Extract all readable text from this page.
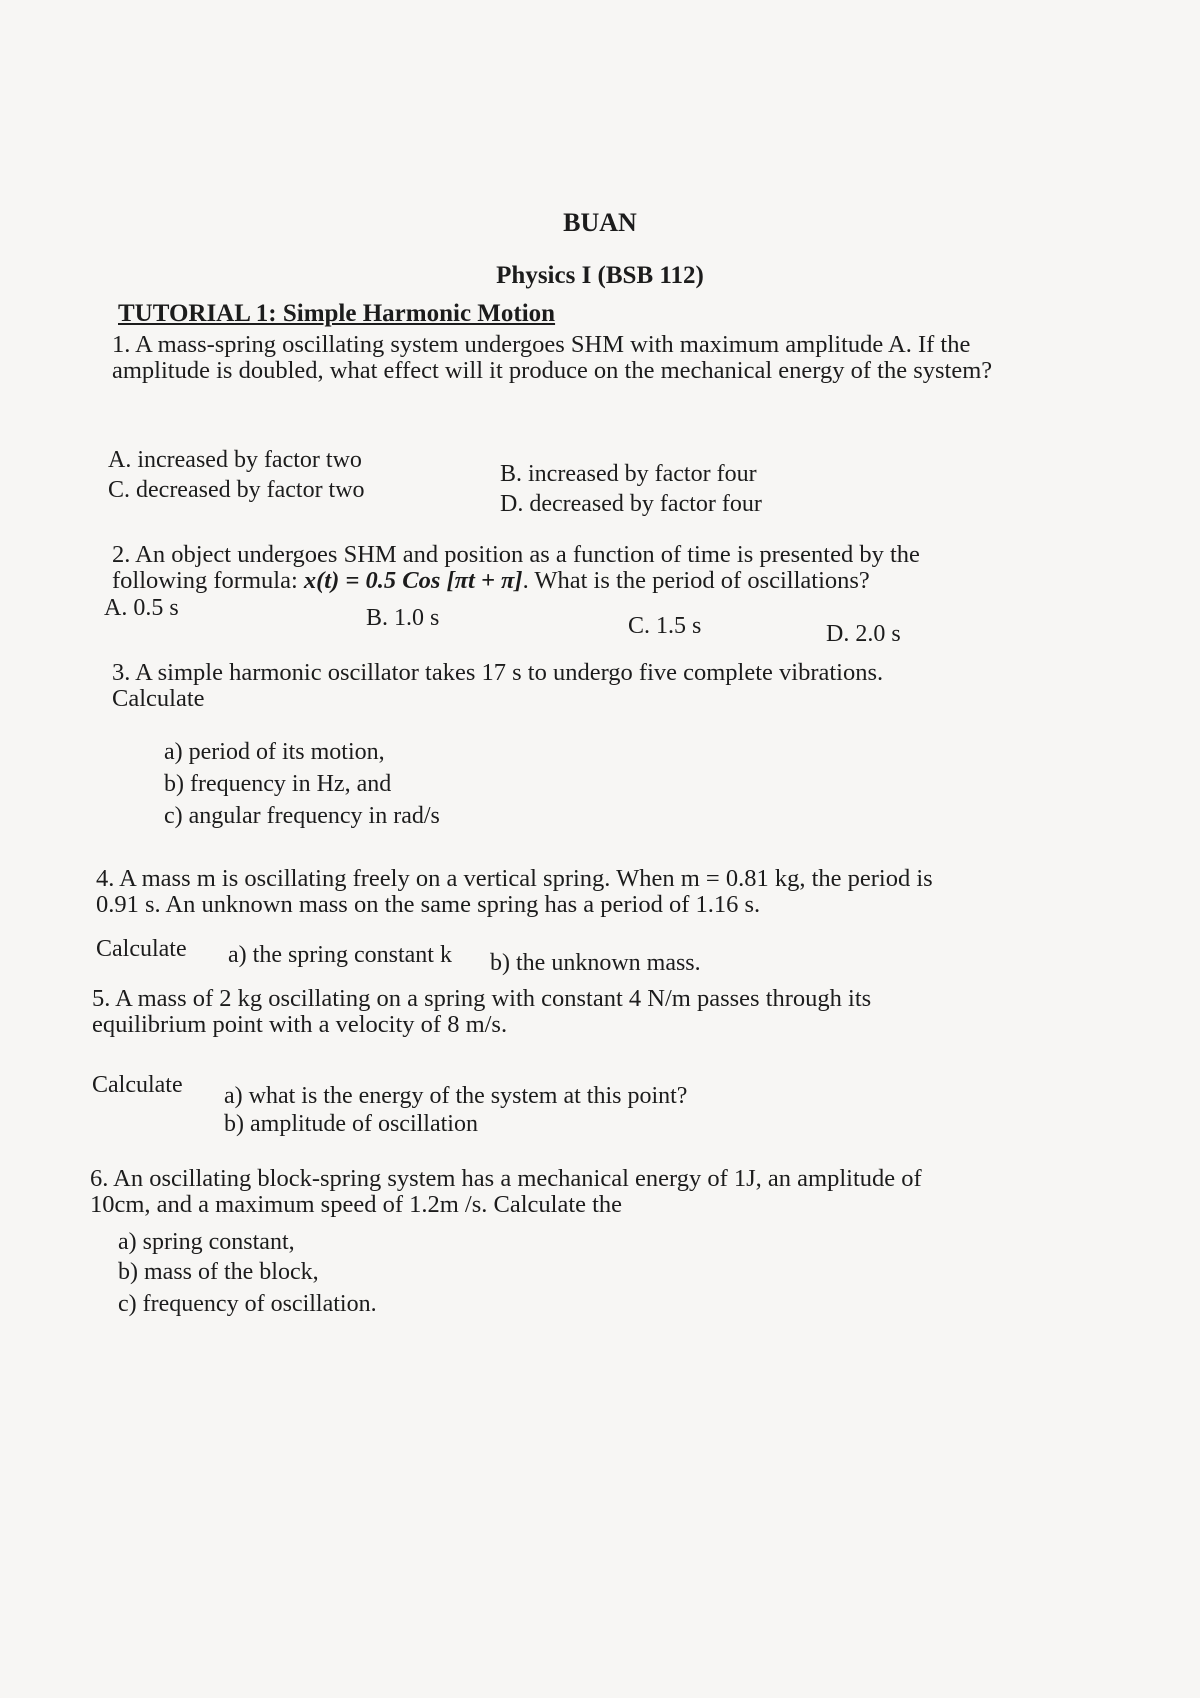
BUAN
Physics I (BSB 112)
TUTORIAL 1: Simple Harmonic Motion
1. A mass-spring oscillating system undergoes SHM with maximum amplitude A. If the amplitude is doubled, what effect will it produce on the mechanical energy of the system?
A. increased by factor two
B. increased by factor four
C. decreased by factor two
D. decreased by factor four
2. An object undergoes SHM and position as a function of time is presented by the following formula: x(t) = 0.5 Cos [πt + π]. What is the period of oscillations?
A. 0.5 s	B. 1.0 s	C. 1.5 s	D. 2.0 s
3. A simple harmonic oscillator takes 17 s to undergo five complete vibrations. Calculate
a) period of its motion,
b) frequency in Hz, and
c) angular frequency in rad/s
4. A mass m is oscillating freely on a vertical spring. When m = 0.81 kg, the period is 0.91 s. An unknown mass on the same spring has a period of 1.16 s.
Calculate a) the spring constant k b) the unknown mass.
5. A mass of 2 kg oscillating on a spring with constant 4 N/m passes through its equilibrium point with a velocity of 8 m/s.
Calculate a) what is the energy of the system at this point?
b) amplitude of oscillation
6. An oscillating block-spring system has a mechanical energy of 1J, an amplitude of 10cm, and a maximum speed of 1.2m /s. Calculate the
a) spring constant,
b) mass of the block,
c) frequency of oscillation.
